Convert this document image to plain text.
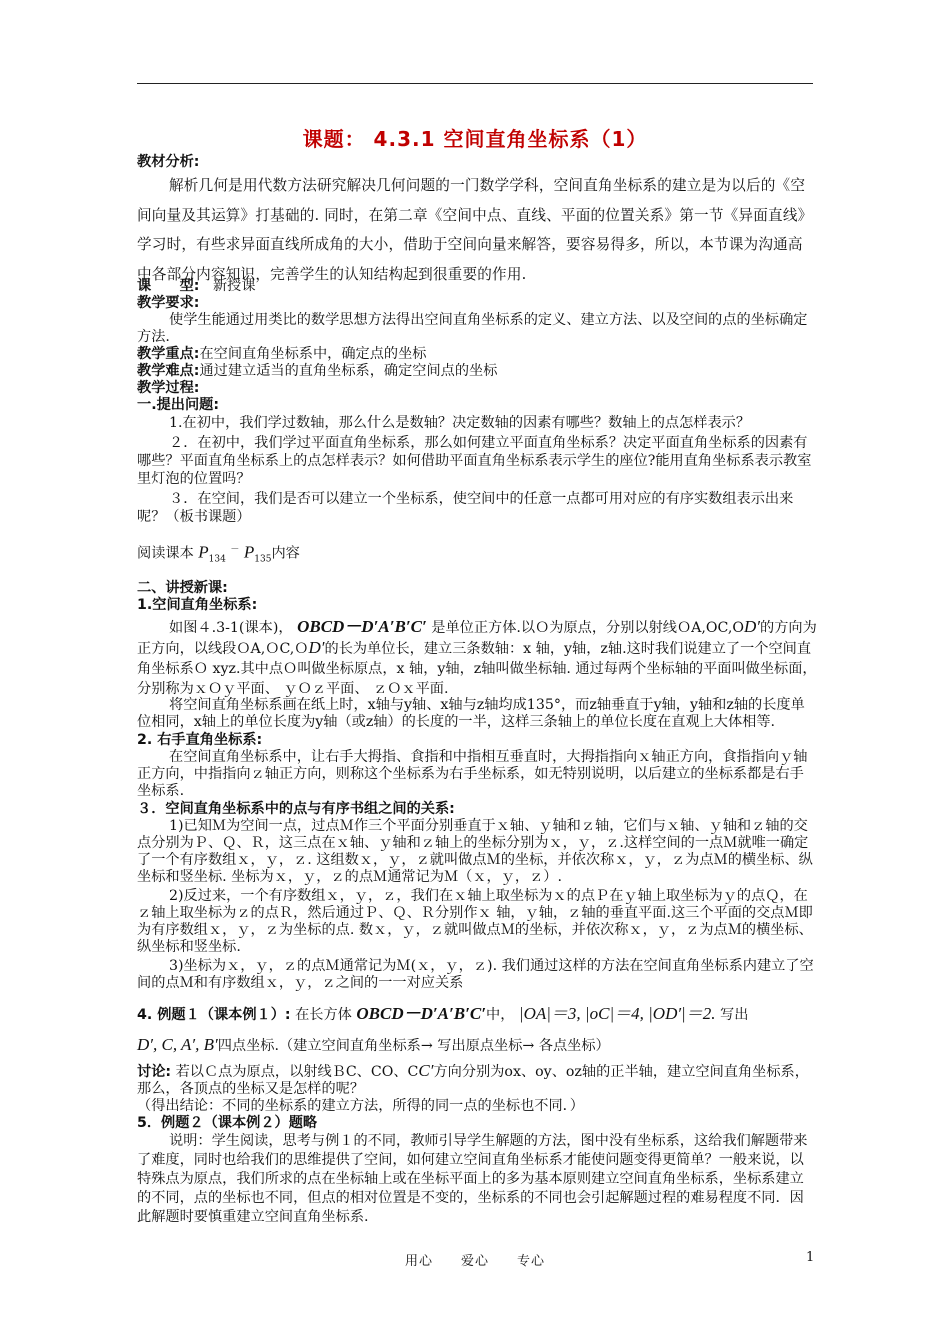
课题： 4.3.1 空间直角坐标系（1）

教材分析:

解析几何是用代数方法研究解决几何问题的一门数学学科，空间直角坐标系的建立是为以后的《空间向量及其运算》打基础的. 同时，在第二章《空间中点、直线、平面的位置关系》第一节《异面直线》学习时，有些求异面直线所成角的大小，借助于空间向量来解答，要容易得多，所以，本节课为沟通高中各部分内容知识，完善学生的认知结构起到很重要的作用.

课　　型: 新授课

教学要求:

使学生能通过用类比的数学思想方法得出空间直角坐标系的定义、建立方法、以及空间的点的坐标确定方法.

教学重点:在空间直角坐标系中，确定点的坐标

教学难点:通过建立适当的直角坐标系，确定空间点的坐标

教学过程:

一.提出问题:

1.在初中，我们学过数轴，那么什么是数轴？决定数轴的因素有哪些？数轴上的点怎样表示？

２．在初中，我们学过平面直角坐标系，那么如何建立平面直角坐标系？决定平面直角坐标系的因素有哪些？平面直角坐标系上的点怎样表示？如何借助平面直角坐标系表示学生的座位?能用直角坐标系表示教室里灯泡的位置吗？

３．在空间，我们是否可以建立一个坐标系，使空间中的任意一点都可用对应的有序实数组表示出来呢？（板书课题）

阅读课本 $P_{134}$ － $P_{135}$内容

二、讲授新课:

1.空间直角坐标系:

如图４.3-1(课本)， OBCD－D′A′B′C′ 是单位正方体.以Ｏ为原点，分别以射线ＯA,OC,OD′的方向为正方向，以线段ＯA,ＯC,ＯD′的长为单位长，建立三条数轴：x 轴，y轴，z轴.这时我们说建立了一个空间直角坐标系Ｏ xyz.其中点Ｏ叫做坐标原点，x 轴，y轴，z轴叫做坐标轴. 通过每两个坐标轴的平面叫做坐标面，分别称为ｘＯｙ平面、 ｙＯｚ平面、 ｚＯｘ平面.

将空间直角坐标系画在纸上时，x轴与y轴、x轴与z轴均成135°，而z轴垂直于y轴，y轴和z轴的长度单位相同，x轴上的单位长度为y轴（或z轴）的长度的一半，这样三条轴上的单位长度在直观上大体相等.

2. 右手直角坐标系:

在空间直角坐标系中，让右手大拇指、食指和中指相互垂直时，大拇指指向ｘ轴正方向，食指指向ｙ轴正方向，中指指向ｚ轴正方向，则称这个坐标系为右手坐标系，如无特别说明，以后建立的坐标系都是右手坐标系.

３．空间直角坐标系中的点与有序书组之间的关系:

1)已知Ｍ为空间一点，过点Ｍ作三个平面分别垂直于ｘ轴、ｙ轴和ｚ轴，它们与ｘ轴、ｙ轴和ｚ轴的交点分别为Ｐ、Ｑ、Ｒ，这三点在ｘ轴、ｙ轴和ｚ轴上的坐标分别为ｘ，ｙ，ｚ.这样空间的一点Ｍ就唯一确定了一个有序数组ｘ，ｙ，ｚ. 这组数ｘ，ｙ，ｚ就叫做点Ｍ的坐标，并依次称ｘ，ｙ，ｚ为点Ｍ的横坐标、纵坐标和竖坐标. 坐标为ｘ，ｙ，ｚ的点Ｍ通常记为Ｍ（ｘ，ｙ，ｚ）.

2)反过来，一个有序数组ｘ，ｙ，ｚ，我们在ｘ轴上取坐标为ｘ的点Ｐ在ｙ轴上取坐标为ｙ的点Ｑ，在ｚ轴上取坐标为ｚ的点Ｒ，然后通过Ｐ、Ｑ、Ｒ分别作ｘ 轴，ｙ轴，ｚ轴的垂直平面.这三个平面的交点Ｍ即为有序数组ｘ，ｙ，ｚ为坐标的点. 数ｘ，ｙ，ｚ就叫做点Ｍ的坐标，并依次称ｘ，ｙ，ｚ为点Ｍ的横坐标、纵坐标和竖坐标.

3)坐标为ｘ，ｙ，ｚ的点Ｍ通常记为Ｍ(ｘ，ｙ，ｚ). 我们通过这样的方法在空间直角坐标系内建立了空间的点Ｍ和有序数组ｘ，ｙ，ｚ之间的一一对应关系

4. 例题１（课本例１）: 在长方体 OBCD－D′A′B′C′中， |OA|＝3, |oC|＝4, |OD′|＝2. 写出

D′, C, A′, B′四点坐标.（建立空间直角坐标系→ 写出原点坐标→ 各点坐标）

讨论: 若以Ｃ点为原点，以射线ＢC、CO、CC′方向分别为ox、oy、oz轴的正半轴，建立空间直角坐标系，那么，各顶点的坐标又是怎样的呢？

（得出结论：不同的坐标系的建立方法，所得的同一点的坐标也不同．）

5．例题２（课本例２）题略

说明：学生阅读，思考与例１的不同，教师引导学生解题的方法，图中没有坐标系，这给我们解题带来了难度，同时也给我们的思维提供了空间，如何建立空间直角坐标系才能使问题变得更简单？一般来说，以特殊点为原点，我们所求的点在坐标轴上或在坐标平面上的多为基本原则建立空间直角坐标系，坐标系建立的不同，点的坐标也不同，但点的相对位置是不变的，坐标系的不同也会引起解题过程的难易程度不同．因此解题时要慎重建立空间直角坐标系.

用心　　爱心　　专心	1
